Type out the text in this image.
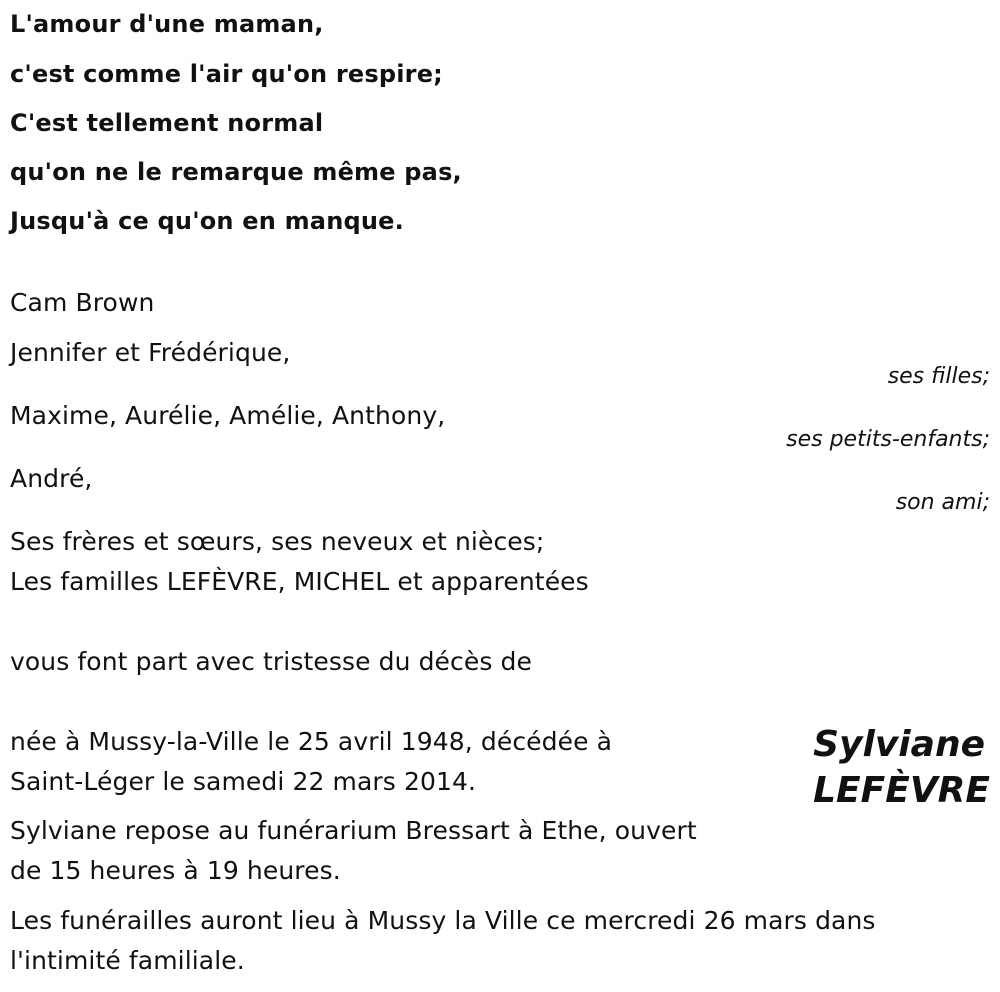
L'amour d'une maman,
c'est comme l'air qu'on respire;
C'est tellement normal
qu'on ne le remarque même pas,
Jusqu'à ce qu'on en manque.
Cam Brown
Jennifer et Frédérique,
ses filles;
Maxime, Aurélie, Amélie, Anthony,
ses petits-enfants;
André,
son ami;
Ses frères et sœurs, ses neveux et nièces;
Les familles LEFÈVRE, MICHEL et apparentées
vous font part avec tristesse du décès de
Sylviane
LEFÈVRE
née à Mussy-la-Ville le 25 avril 1948, décédée à
Saint-Léger le samedi 22 mars 2014.
Sylviane repose au funérarium Bressart à Ethe, ouvert
de 15 heures à 19 heures.
Les funérailles auront lieu à Mussy la Ville ce mercredi 26 mars dans
l'intimité familiale.
